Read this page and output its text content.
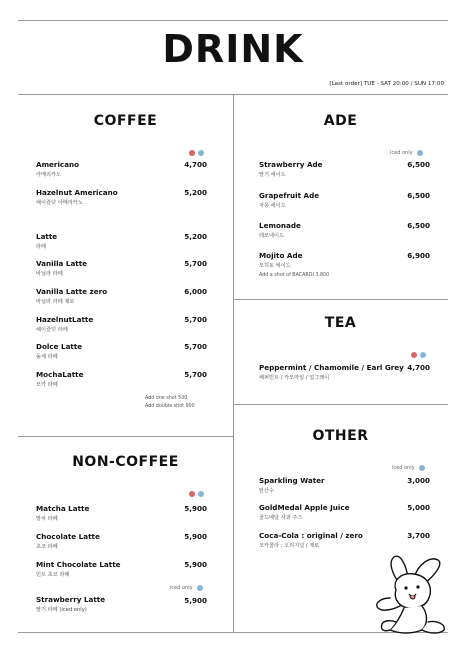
DRINK
[Last order] TUE - SAT 20:00 / SUN 17:00
COFFEE
Americano
아메리카노
4,700
Hazelnut Americano
헤이즐넛 아메리카노
5,200
Latte
라떼
5,200
Vanilla Latte
바닐라 라떼
5,700
Vanilla Latte zero
바닐라 라떼 제로
6,000
HazelnutLatte
헤이즐넛 라떼
5,700
Dolce Latte
돌체 라떼
5,700
MochaLatte
모카 라떼
5,700
Add one shot 500
Add double shot 900
NON-COFFEE
Matcha Latte
말차 라떼
5,900
Chocolate Latte
초코 라떼
5,900
Mint Chocolate Latte
민트 초코 라떼
5,900
iced only
Strawberry Latte
딸기 라떼 (iced only)
5,900
ADE
iced only
Strawberry Ade
딸기 에이드
6,500
Grapefruit Ade
자몽 에이드
6,500
Lemonade
레모네이드
6,500
Mojito Ade
모히토 에이드
6,900
Add a shot of BACARDI 3,800
TEA
Peppermint / Chamomile / Earl Grey
페퍼민트 / 카모마일 / 얼그레이
4,700
OTHER
iced only
Sparkling Water
탄산수
3,000
GoldMedal Apple Juice
골드메달 사과 주스
5,000
Coca-Cola : original / zero
코카콜라 : 오리지널 / 제로
3,700
